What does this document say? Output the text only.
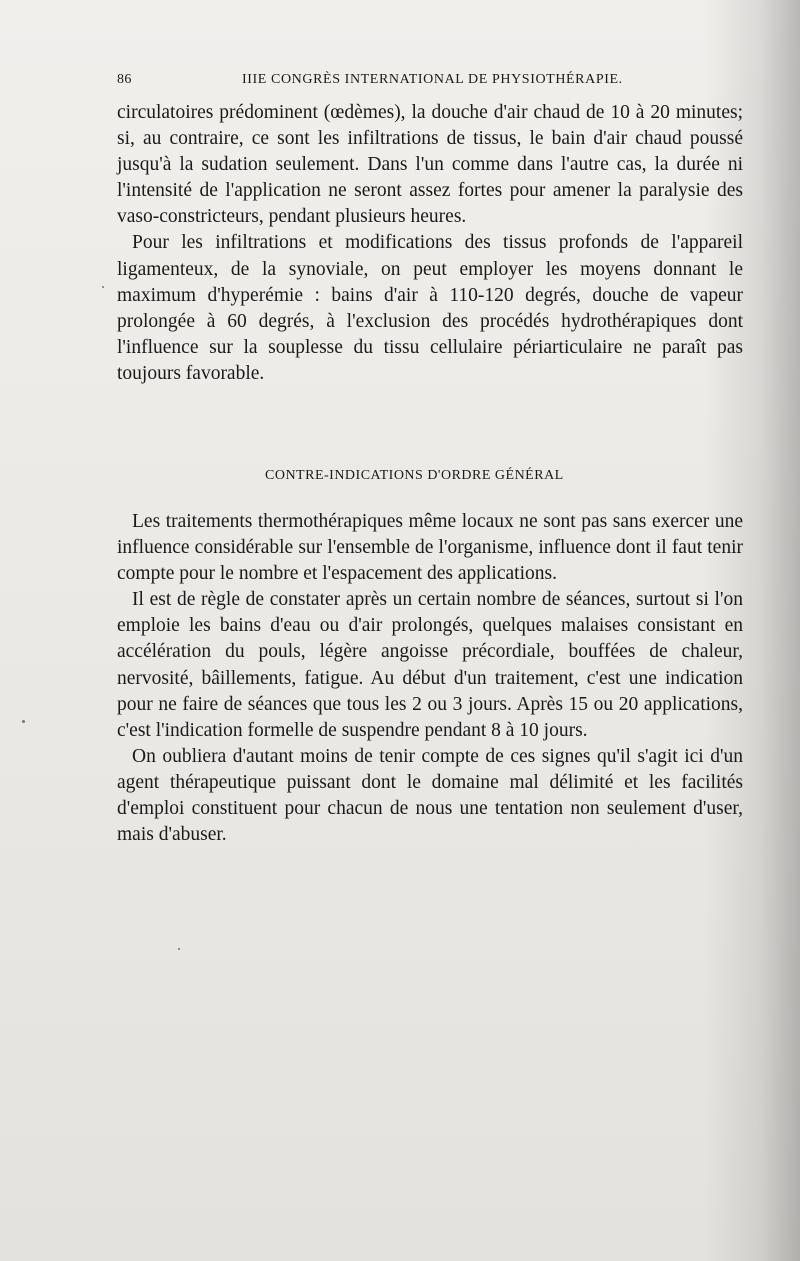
86	IIIE CONGRÈS INTERNATIONAL DE PHYSIOTHÉRAPIE.

circulatoires prédominent (œdèmes), la douche d'air chaud de 10 à 20 minutes; si, au contraire, ce sont les infiltrations de tissus, le bain d'air chaud poussé jusqu'à la sudation seulement. Dans l'un comme dans l'autre cas, la durée ni l'intensité de l'application ne seront assez fortes pour amener la paralysie des vaso-constricteurs, pendant plusieurs heures.

Pour les infiltrations et modifications des tissus profonds de l'appareil ligamenteux, de la synoviale, on peut employer les moyens donnant le maximum d'hyperémie : bains d'air à 110-120 degrés, douche de vapeur prolongée à 60 degrés, à l'exclusion des procédés hydrothérapiques dont l'influence sur la souplesse du tissu cellulaire périarticulaire ne paraît pas toujours favorable.

CONTRE-INDICATIONS D'ORDRE GÉNÉRAL

Les traitements thermothérapiques même locaux ne sont pas sans exercer une influence considérable sur l'ensemble de l'organisme, influence dont il faut tenir compte pour le nombre et l'espacement des applications.

Il est de règle de constater après un certain nombre de séances, surtout si l'on emploie les bains d'eau ou d'air prolongés, quelques malaises consistant en accélération du pouls, légère angoisse précordiale, bouffées de chaleur, nervosité, bâillements, fatigue. Au début d'un traitement, c'est une indication pour ne faire de séances que tous les 2 ou 3 jours. Après 15 ou 20 applications, c'est l'indication formelle de suspendre pendant 8 à 10 jours.

On oubliera d'autant moins de tenir compte de ces signes qu'il s'agit ici d'un agent thérapeutique puissant dont le domaine mal délimité et les facilités d'emploi constituent pour chacun de nous une tentation non seulement d'user, mais d'abuser.
